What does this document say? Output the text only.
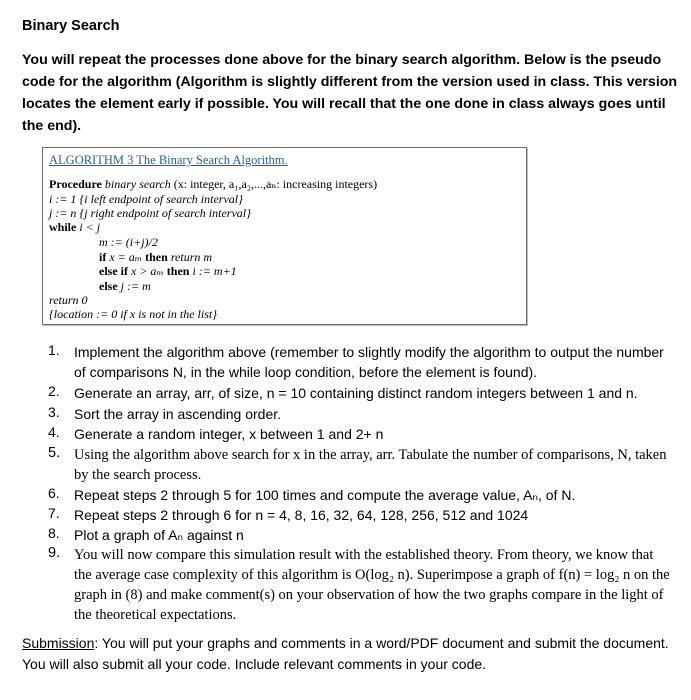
Binary Search
You will repeat the processes done above for the binary search algorithm. Below is the pseudo code for the algorithm (Algorithm is slightly different from the version used in class. This version locates the element early if possible. You will recall that the one done in class always goes until the end).
ALGORITHM 3 The Binary Search Algorithm.
Procedure binary search (x: integer, a₁,a₂,...,aₙ: increasing integers)
i := 1 {i left endpoint of search interval}
j := n {j right endpoint of search interval}
while i < j
m := (i+j)/2
if x = aₘ then return m
else if x > aₘ then i := m+1
else j := m
return 0
{location := 0 if x is not in the list}
1.	Implement the algorithm above (remember to slightly modify the algorithm to output the number of comparisons N, in the while loop condition, before the element is found).
2.	Generate an array, arr, of size, n = 10 containing distinct random integers between 1 and n.
3.	Sort the array in ascending order.
4.	Generate a random integer, x between 1 and 2+ n
5. Using the algorithm above search for x in the array, arr. Tabulate the number of comparisons, N, taken by the search process.
6.	Repeat steps 2 through 5 for 100 times and compute the average value, Aₙ, of N.
7.	Repeat steps 2 through 6 for n = 4, 8, 16, 32, 64, 128, 256, 512 and 1024
8.	Plot a graph of Aₙ against n
9. You will now compare this simulation result with the established theory. From theory, we know that the average case complexity of this algorithm is O(log₂ n). Superimpose a graph of f(n) = log₂ n on the graph in (8) and make comment(s) on your observation of how the two graphs compare in the light of the theoretical expectations.
Submission: You will put your graphs and comments in a word/PDF document and submit the document. You will also submit all your code. Include relevant comments in your code.
